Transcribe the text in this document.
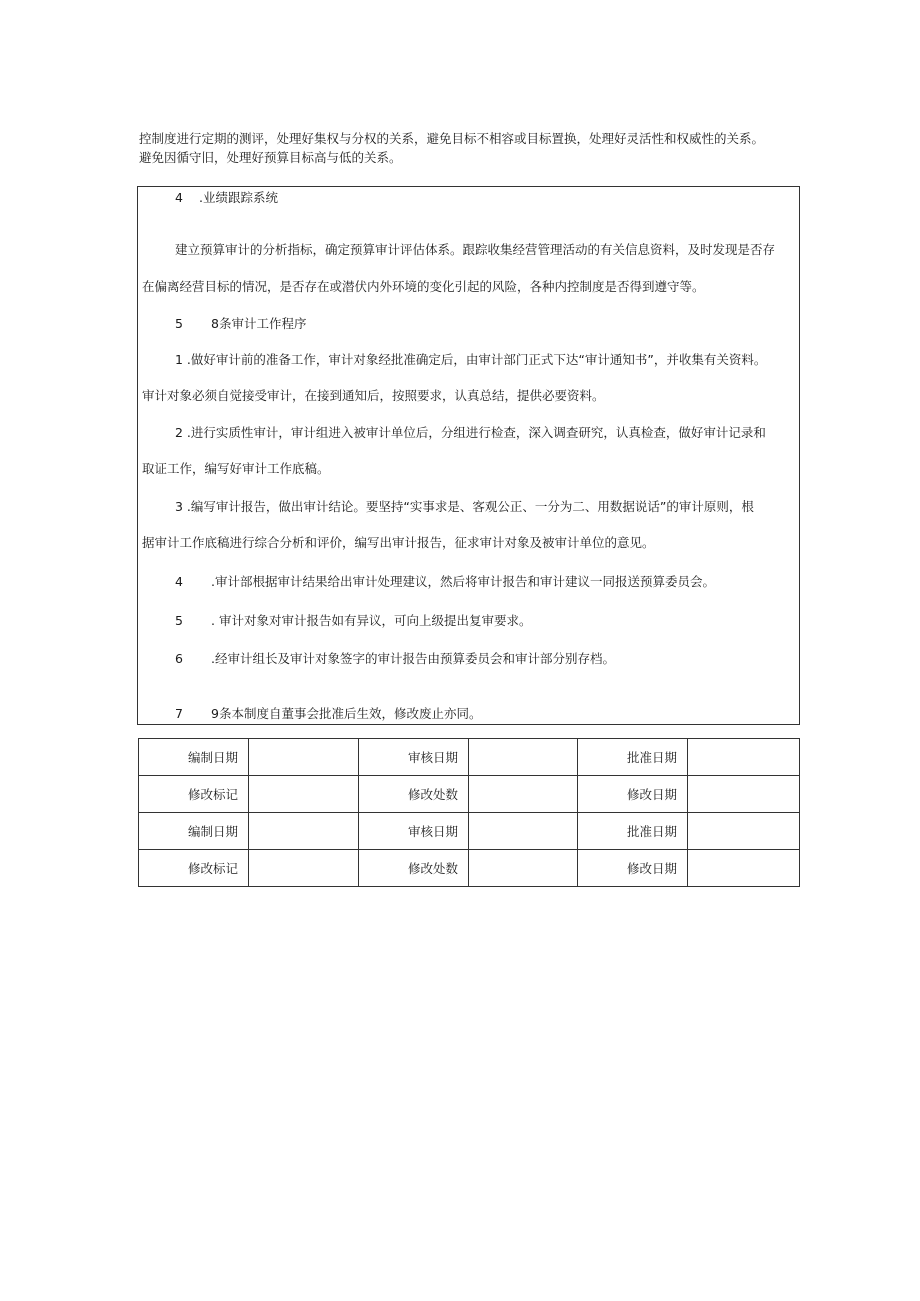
控制度进行定期的测评，处理好集权与分权的关系，避免目标不相容或目标置换，处理好灵活性和权威性的关系。

避免因循守旧，处理好预算目标高与低的关系。

4 .业绩跟踪系统
建立预算审计的分析指标，确定预算审计评估体系。跟踪收集经营管理活动的有关信息资料，及时发现是否存
在偏离经营目标的情况，是否存在或潜伏内外环境的变化引起的风险，各种内控制度是否得到遵守等。
5 8条审计工作程序
1 .做好审计前的准备工作，审计对象经批准确定后，由审计部门正式下达“审计通知书”，并收集有关资料。
审计对象必须自觉接受审计，在接到通知后，按照要求，认真总结，提供必要资料。
2 .进行实质性审计，审计组进入被审计单位后，分组进行检查，深入调查研究，认真检查，做好审计记录和
取证工作，编写好审计工作底稿。
3 .编写审计报告，做出审计结论。要坚持“实事求是、客观公正、一分为二、用数据说话”的审计原则，根
据审计工作底稿进行综合分析和评价，编写出审计报告，征求审计对象及被审计单位的意见。
4 .审计部根据审计结果给出审计处理建议，然后将审计报告和审计建议一同报送预算委员会。
5 . 审计对象对审计报告如有异议，可向上级提出复审要求。
6 .经审计组长及审计对象签字的审计报告由预算委员会和审计部分别存档。
7 9条本制度自董事会批准后生效，修改废止亦同。
编制日期		审核日期		批准日期	
修改标记		修改处数		修改日期	
编制日期		审核日期		批准日期	
修改标记		修改处数		修改日期	
